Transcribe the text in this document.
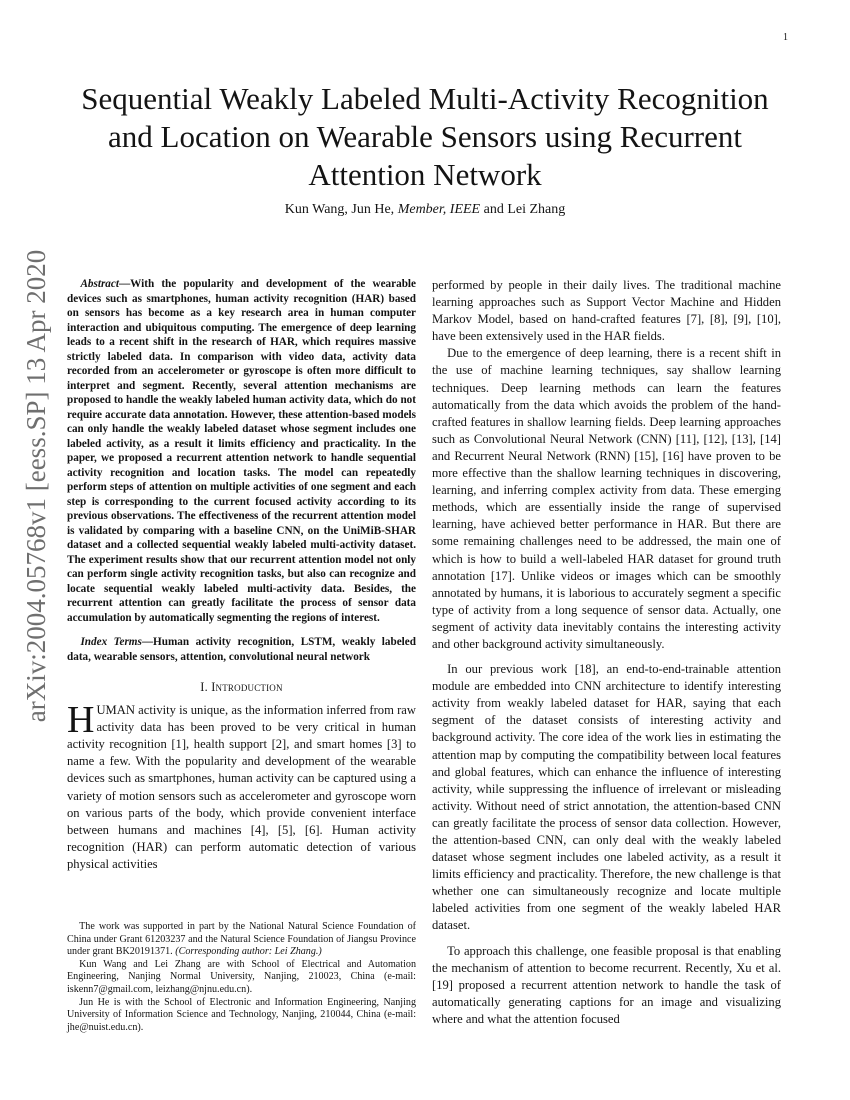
1
arXiv:2004.05768v1 [eess.SP] 13 Apr 2020
Sequential Weakly Labeled Multi-Activity Recognition and Location on Wearable Sensors using Recurrent Attention Network
Kun Wang, Jun He, Member, IEEE and Lei Zhang

Abstract—With the popularity and development of the wearable devices such as smartphones, human activity recognition (HAR) based on sensors has become as a key research area in human computer interaction and ubiquitous computing. The emergence of deep learning leads to a recent shift in the research of HAR, which requires massive strictly labeled data. In comparison with video data, activity data recorded from an accelerometer or gyroscope is often more difficult to interpret and segment. Recently, several attention mechanisms are proposed to handle the weakly labeled human activity data, which do not require accurate data annotation. However, these attention-based models can only handle the weakly labeled dataset whose segment includes one labeled activity, as a result it limits efficiency and practicality. In the paper, we proposed a recurrent attention network to handle sequential activity recognition and location tasks. The model can repeatedly perform steps of attention on multiple activities of one segment and each step is corresponding to the current focused activity according to its previous observations. The effectiveness of the recurrent attention model is validated by comparing with a baseline CNN, on the UniMiB-SHAR dataset and a collected sequential weakly labeled multi-activity dataset. The experiment results show that our recurrent attention model not only can perform single activity recognition tasks, but also can recognize and locate sequential weakly labeled multi-activity data. Besides, the recurrent attention can greatly facilitate the process of sensor data accumulation by automatically segmenting the regions of interest.

Index Terms—Human activity recognition, LSTM, weakly labeled data, wearable sensors, attention, convolutional neural network

I. Introduction

HUMAN activity is unique, as the information inferred from raw activity data has been proved to be very critical in human activity recognition [1], health support [2], and smart homes [3] to name a few. With the popularity and development of the wearable devices such as smartphones, human activity can be captured using a variety of motion sensors such as accelerometer and gyroscope worn on various parts of the body, which provide convenient interface between humans and machines [4], [5], [6]. Human activity recognition (HAR) can perform automatic detection of various physical activities

The work was supported in part by the National Natural Science Foundation of China under Grant 61203237 and the Natural Science Foundation of Jiangsu Province under grant BK20191371. (Corresponding author: Lei Zhang.)

Kun Wang and Lei Zhang are with School of Electrical and Automation Engineering, Nanjing Normal University, Nanjing, 210023, China (e-mail: iskenn7@gmail.com, leizhang@njnu.edu.cn).

Jun He is with the School of Electronic and Information Engineering, Nanjing University of Information Science and Technology, Nanjing, 210044, China (e-mail: jhe@nuist.edu.cn).

performed by people in their daily lives. The traditional machine learning approaches such as Support Vector Machine and Hidden Markov Model, based on hand-crafted features [7], [8], [9], [10], have been extensively used in the HAR fields.

Due to the emergence of deep learning, there is a recent shift in the use of machine learning techniques, say shallow learning techniques. Deep learning methods can learn the features automatically from the data which avoids the problem of the hand-crafted features in shallow learning fields. Deep learning approaches such as Convolutional Neural Network (CNN) [11], [12], [13], [14] and Recurrent Neural Network (RNN) [15], [16] have proven to be more effective than the shallow learning techniques in discovering, learning, and inferring complex activity from data. These emerging methods, which are essentially inside the range of supervised learning, have achieved better performance in HAR. But there are some remaining challenges need to be addressed, the main one of which is how to build a well-labeled HAR dataset for ground truth annotation [17]. Unlike videos or images which can be smoothly annotated by humans, it is laborious to accurately segment a specific type of activity from a long sequence of sensor data. Actually, one segment of activity data inevitably contains the interesting activity and other background activity simultaneously.

In our previous work [18], an end-to-end-trainable attention module are embedded into CNN architecture to identify interesting activity from weakly labeled dataset for HAR, saying that each segment of the dataset consists of interesting activity and background activity. The core idea of the work lies in estimating the attention map by computing the compatibility between local features and global features, which can enhance the influence of interesting activity, while suppressing the influence of irrelevant or misleading activity. Without need of strict annotation, the attention-based CNN can greatly facilitate the process of sensor data collection. However, the attention-based CNN, can only deal with the weakly labeled dataset whose segment includes one labeled activity, as a result it limits efficiency and practicality. Therefore, the new challenge is that whether one can simultaneously recognize and locate multiple labeled activities from one segment of the weakly labeled HAR dataset.

To approach this challenge, one feasible proposal is that enabling the mechanism of attention to become recurrent. Recently, Xu et al. [19] proposed a recurrent attention network to handle the task of automatically generating captions for an image and visualizing where and what the attention focused
